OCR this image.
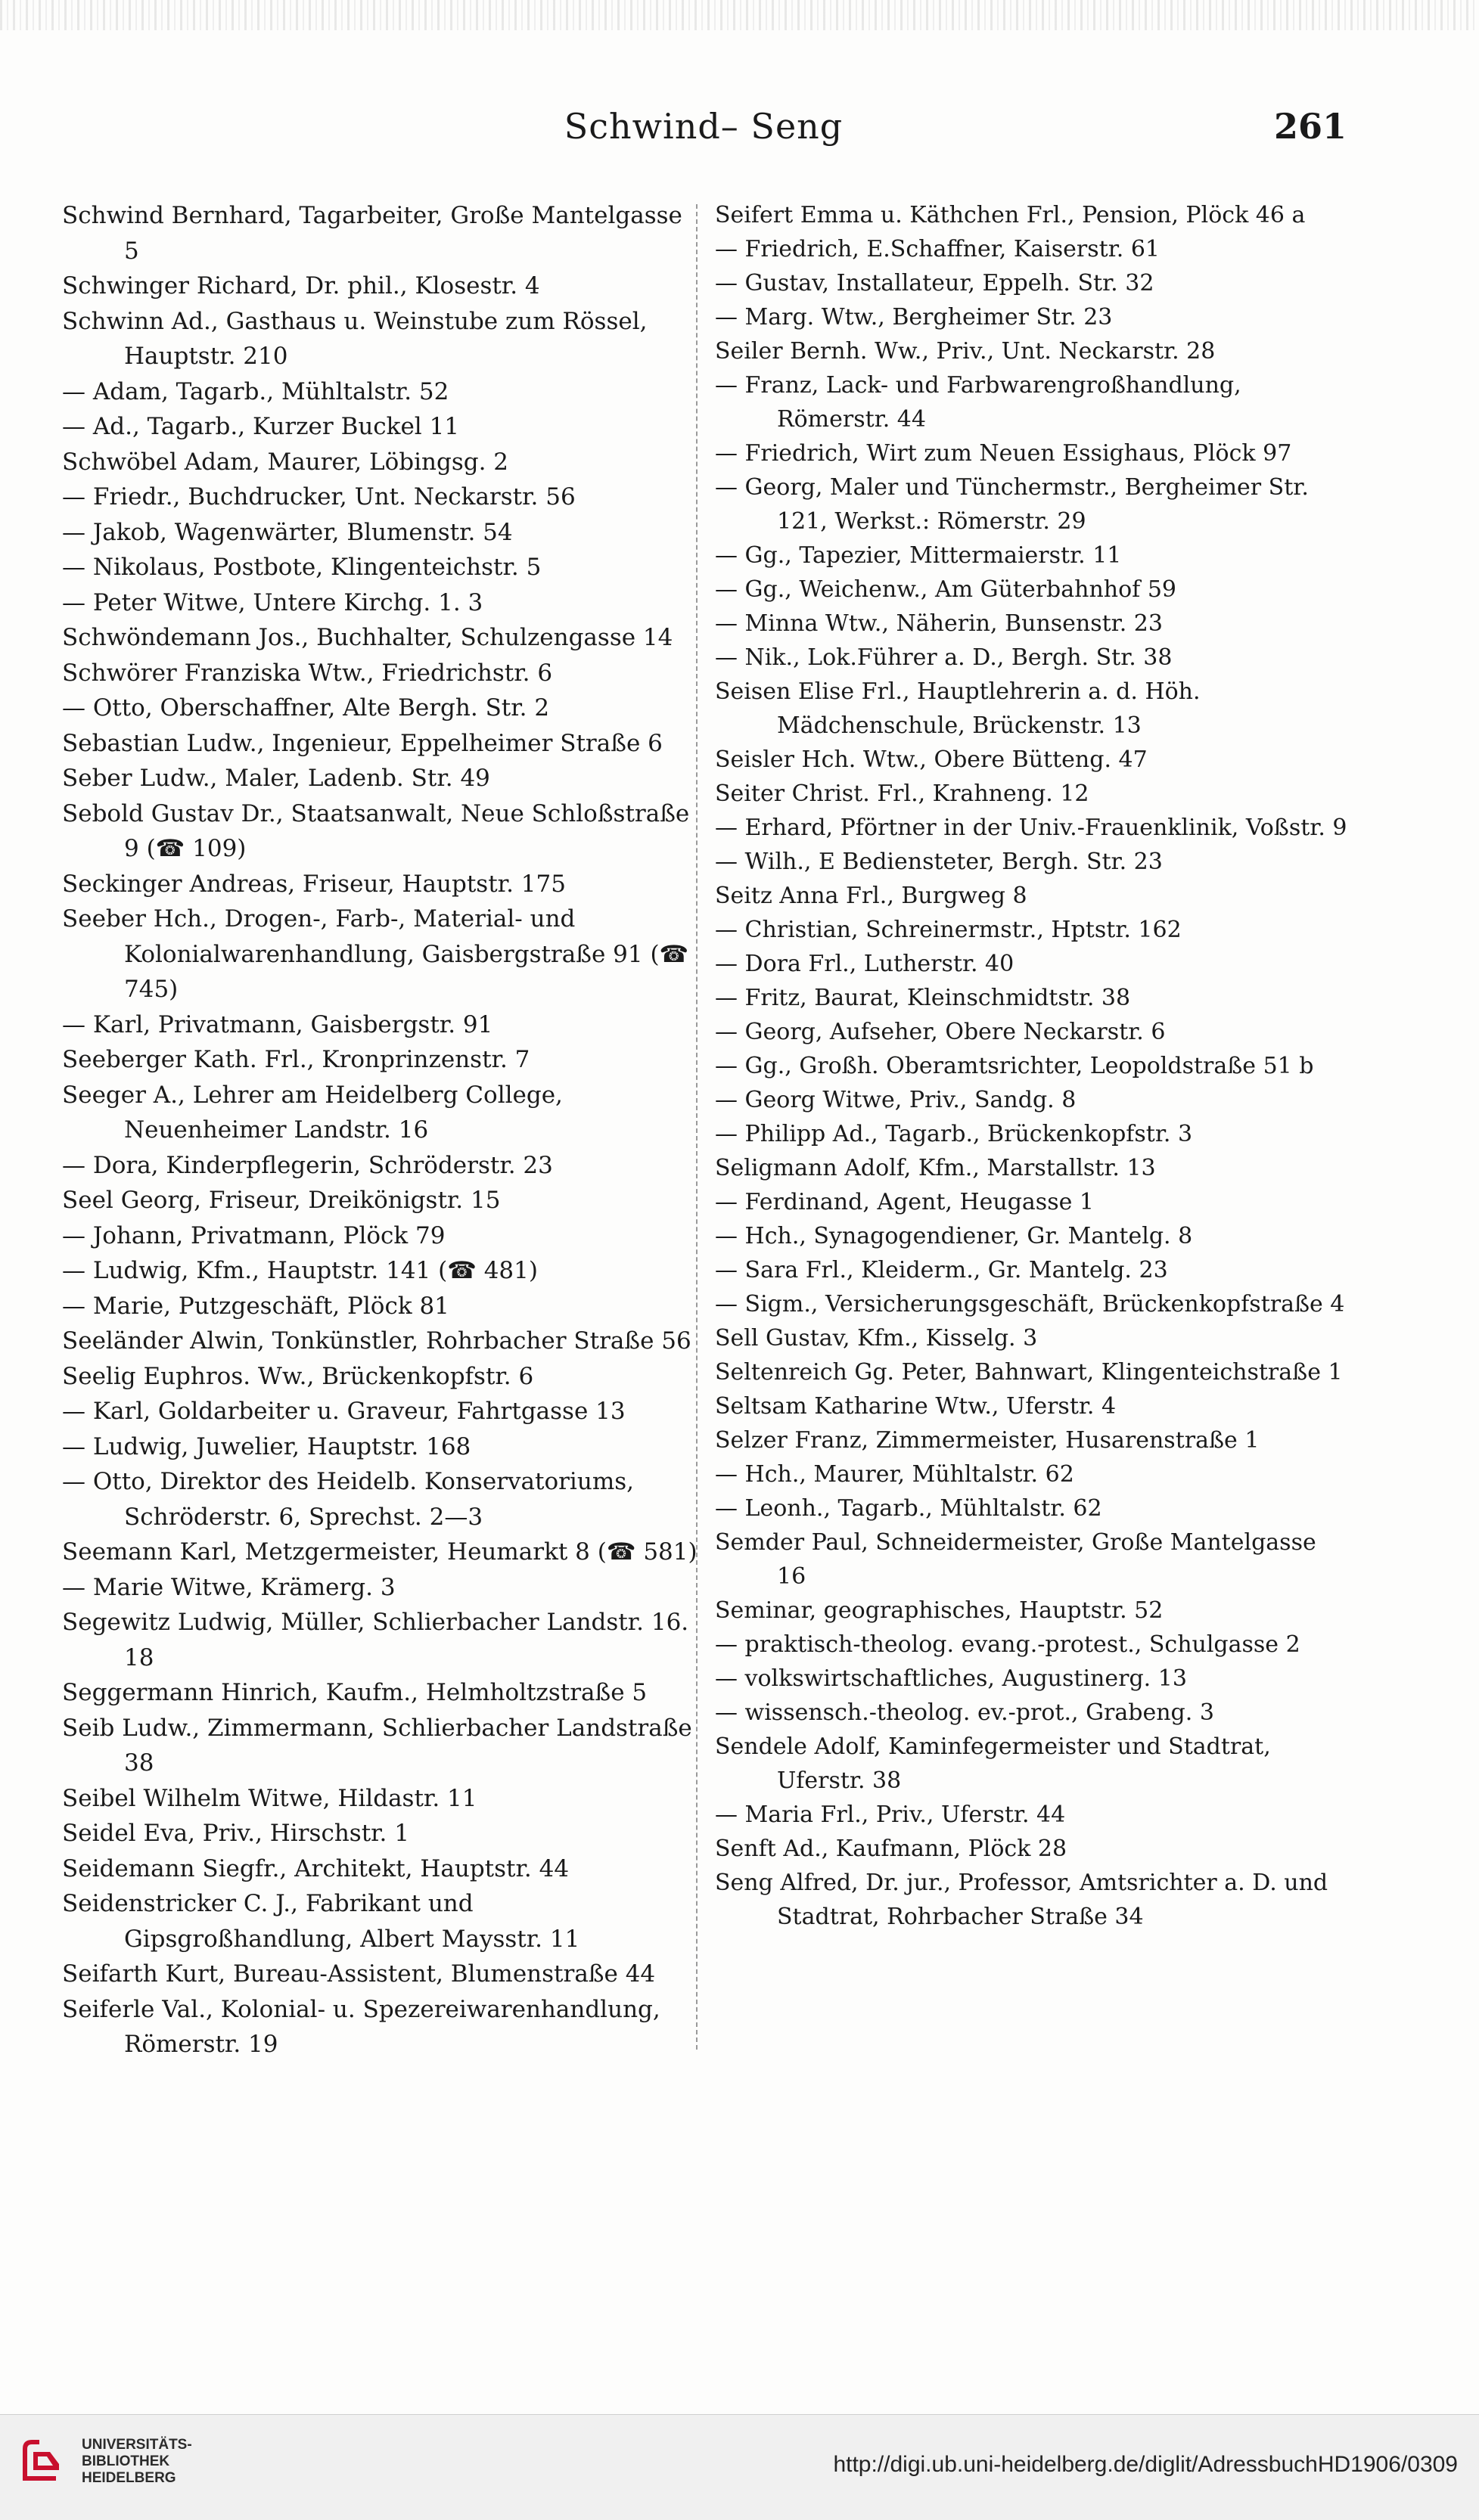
Schwind– Seng	261

Schwind Bernhard, Tagarbeiter, Große Mantelgasse 5

Schwinger Richard, Dr. phil., Klosestr. 4

Schwinn Ad., Gasthaus u. Weinstube zum Rössel, Hauptstr. 210

— Adam, Tagarb., Mühltalstr. 52

— Ad., Tagarb., Kurzer Buckel 11

Schwöbel Adam, Maurer, Löbingsg. 2

— Friedr., Buchdrucker, Unt. Neckarstr. 56

— Jakob, Wagenwärter, Blumenstr. 54

— Nikolaus, Postbote, Klingenteichstr. 5

— Peter Witwe, Untere Kirchg. 1. 3

Schwöndemann Jos., Buchhalter, Schulzengasse 14

Schwörer Franziska Wtw., Friedrichstr. 6

— Otto, Oberschaffner, Alte Bergh. Str. 2

Sebastian Ludw., Ingenieur, Eppelheimer Straße 6

Seber Ludw., Maler, Ladenb. Str. 49

Sebold Gustav Dr., Staatsanwalt, Neue Schloßstraße 9 (☎ 109)

Seckinger Andreas, Friseur, Hauptstr. 175

Seeber Hch., Drogen-, Farb-, Material- und Kolonialwarenhandlung, Gaisbergstraße 91 (☎ 745)

— Karl, Privatmann, Gaisbergstr. 91

Seeberger Kath. Frl., Kronprinzenstr. 7

Seeger A., Lehrer am Heidelberg College, Neuenheimer Landstr. 16

— Dora, Kinderpflegerin, Schröderstr. 23

Seel Georg, Friseur, Dreikönigstr. 15

— Johann, Privatmann, Plöck 79

— Ludwig, Kfm., Hauptstr. 141 (☎ 481)

— Marie, Putzgeschäft, Plöck 81

Seeländer Alwin, Tonkünstler, Rohrbacher Straße 56

Seelig Euphros. Ww., Brückenkopfstr. 6

— Karl, Goldarbeiter u. Graveur, Fahrtgasse 13

— Ludwig, Juwelier, Hauptstr. 168

— Otto, Direktor des Heidelb. Konservatoriums, Schröderstr. 6, Sprechst. 2—3

Seemann Karl, Metzgermeister, Heumarkt 8 (☎ 581)

— Marie Witwe, Krämerg. 3

Segewitz Ludwig, Müller, Schlierbacher Landstr. 16. 18

Seggermann Hinrich, Kaufm., Helmholtzstraße 5

Seib Ludw., Zimmermann, Schlierbacher Landstraße 38

Seibel Wilhelm Witwe, Hildastr. 11

Seidel Eva, Priv., Hirschstr. 1

Seidemann Siegfr., Architekt, Hauptstr. 44

Seidenstricker C. J., Fabrikant und Gipsgroßhandlung, Albert Maysstr. 11

Seifarth Kurt, Bureau-Assistent, Blumenstraße 44

Seiferle Val., Kolonial- u. Spezereiwarenhandlung, Römerstr. 19

Seifert Emma u. Käthchen Frl., Pension, Plöck 46 a

— Friedrich, E.Schaffner, Kaiserstr. 61

— Gustav, Installateur, Eppelh. Str. 32

— Marg. Wtw., Bergheimer Str. 23

Seiler Bernh. Ww., Priv., Unt. Neckarstr. 28

— Franz, Lack- und Farbwarengroßhandlung, Römerstr. 44

— Friedrich, Wirt zum Neuen Essighaus, Plöck 97

— Georg, Maler und Tünchermstr., Bergheimer Str. 121, Werkst.: Römerstr. 29

— Gg., Tapezier, Mittermaierstr. 11

— Gg., Weichenw., Am Güterbahnhof 59

— Minna Wtw., Näherin, Bunsenstr. 23

— Nik., Lok.Führer a. D., Bergh. Str. 38

Seisen Elise Frl., Hauptlehrerin a. d. Höh. Mädchenschule, Brückenstr. 13

Seisler Hch. Wtw., Obere Bütteng. 47

Seiter Christ. Frl., Krahneng. 12

— Erhard, Pförtner in der Univ.-Frauenklinik, Voßstr. 9

— Wilh., E Bediensteter, Bergh. Str. 23

Seitz Anna Frl., Burgweg 8

— Christian, Schreinermstr., Hptstr. 162

— Dora Frl., Lutherstr. 40

— Fritz, Baurat, Kleinschmidtstr. 38

— Georg, Aufseher, Obere Neckarstr. 6

— Gg., Großh. Oberamtsrichter, Leopoldstraße 51 b

— Georg Witwe, Priv., Sandg. 8

— Philipp Ad., Tagarb., Brückenkopfstr. 3

Seligmann Adolf, Kfm., Marstallstr. 13

— Ferdinand, Agent, Heugasse 1

— Hch., Synagogendiener, Gr. Mantelg. 8

— Sara Frl., Kleiderm., Gr. Mantelg. 23

— Sigm., Versicherungsgeschäft, Brückenkopfstraße 4

Sell Gustav, Kfm., Kisselg. 3

Seltenreich Gg. Peter, Bahnwart, Klingenteichstraße 1

Seltsam Katharine Wtw., Uferstr. 4

Selzer Franz, Zimmermeister, Husarenstraße 1

— Hch., Maurer, Mühltalstr. 62

— Leonh., Tagarb., Mühltalstr. 62

Semder Paul, Schneidermeister, Große Mantelgasse 16

Seminar, geographisches, Hauptstr. 52

— praktisch-theolog. evang.-protest., Schulgasse 2

— volkswirtschaftliches, Augustinerg. 13

— wissensch.-theolog. ev.-prot., Grabeng. 3

Sendele Adolf, Kaminfegermeister und Stadtrat, Uferstr. 38

— Maria Frl., Priv., Uferstr. 44

Senft Ad., Kaufmann, Plöck 28

Seng Alfred, Dr. jur., Professor, Amtsrichter a. D. und Stadtrat, Rohrbacher Straße 34

UNIVERSITÄTS- BIBLIOTHEK HEIDELBERG
http://digi.ub.uni-heidelberg.de/diglit/AdressbuchHD1906/0309
